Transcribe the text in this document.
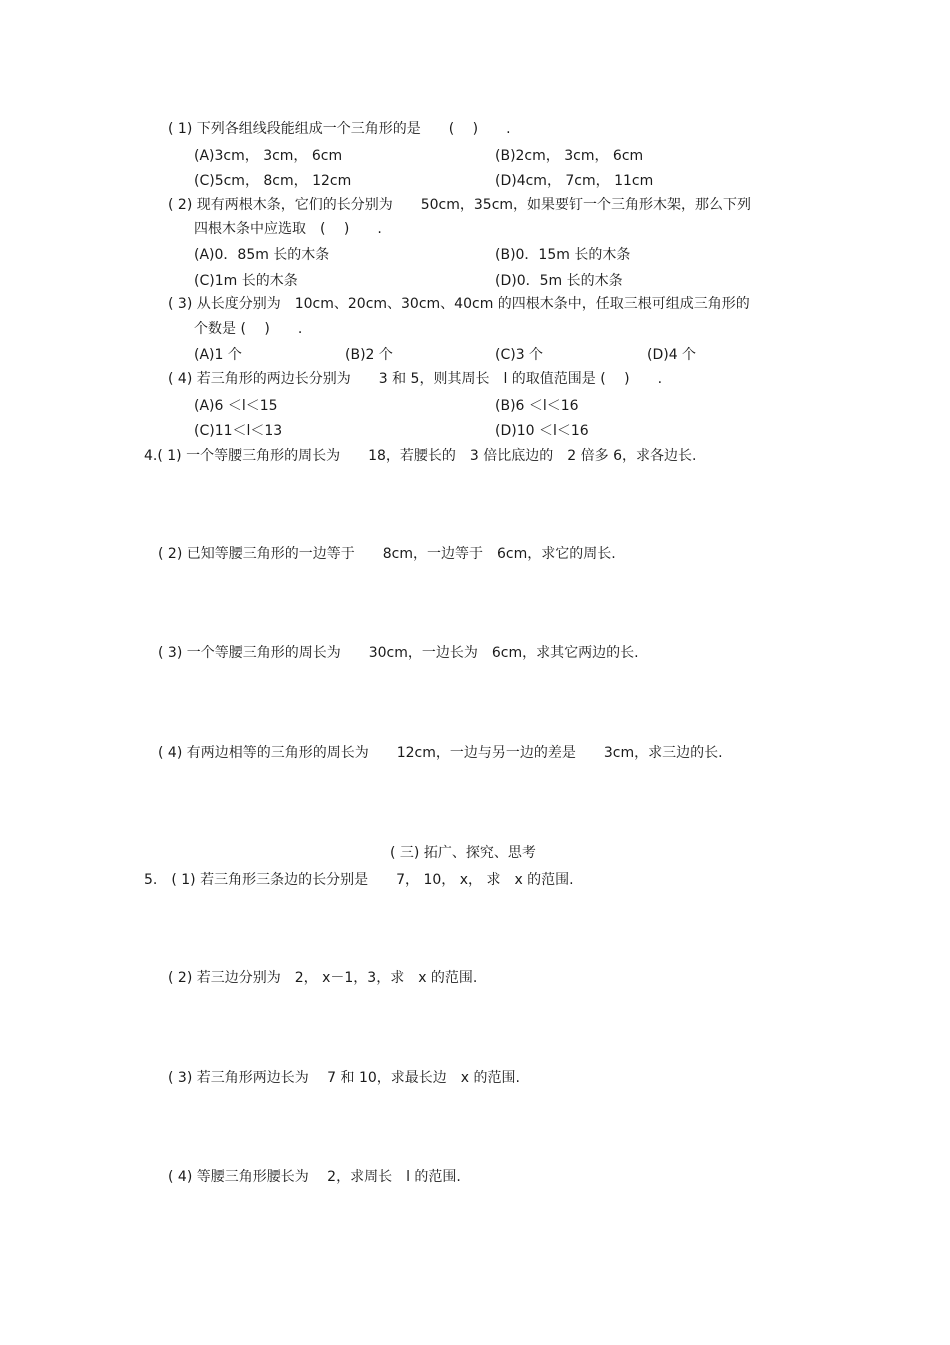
( 1) 下列各组线段能组成一个三角形的是　　(　 )　　.
(A)3cm， 3cm， 6cm	(B)2cm， 3cm， 6cm
(C)5cm， 8cm， 12cm	(D)4cm， 7cm， 11cm
( 2) 现有两根木条，它们的长分别为　　50cm，35cm，如果要钉一个三角形木架，那么下列
四根木条中应选取　(　 )　　.
(A)0．85m 长的木条	(B)0．15m 长的木条
(C)1m 长的木条	(D)0．5m 长的木条
( 3) 从长度分别为　10cm、20cm、30cm、40cm 的四根木条中，任取三根可组成三角形的
个数是 (　 )　　.
(A)1 个	(B)2 个	(C)3 个	(D)4 个
( 4) 若三角形的两边长分别为　　3 和 5，则其周长　l 的取值范围是 (　 )　　.
(A)6 ＜l＜15	(B)6 ＜l＜16
(C)11＜l＜13	(D)10 ＜l＜16
4.( 1) 一个等腰三角形的周长为　　18，若腰长的　3 倍比底边的　2 倍多 6，求各边长.
( 2) 已知等腰三角形的一边等于　　8cm，一边等于　6cm，求它的周长.
( 3) 一个等腰三角形的周长为　　30cm，一边长为　6cm，求其它两边的长.
( 4) 有两边相等的三角形的周长为　　12cm，一边与另一边的差是　　3cm，求三边的长.
( 三) 拓广、探究、思考
5.　( 1) 若三角形三条边的长分别是　　7， 10， x， 求　x 的范围.
( 2) 若三边分别为　2， x－1，3，求　x 的范围.
( 3) 若三角形两边长为　 7 和 10，求最长边　x 的范围.
( 4) 等腰三角形腰长为　 2，求周长　l 的范围.
